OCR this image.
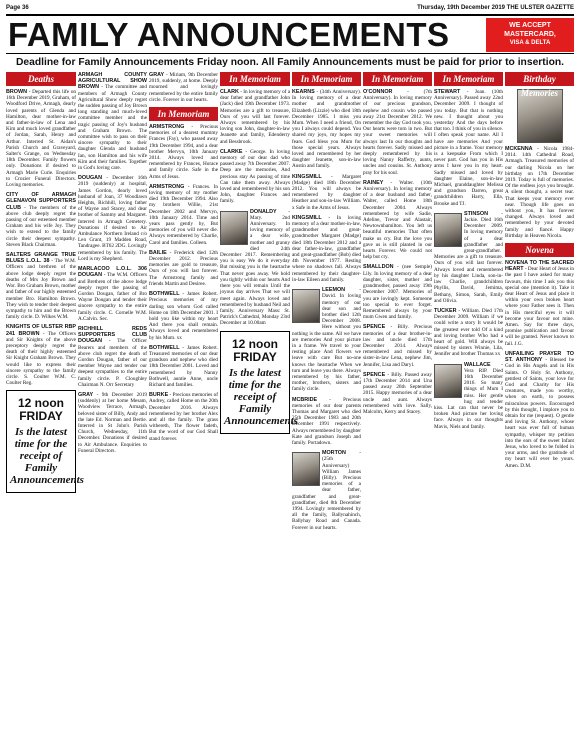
Page 36	Thursday, 19th December 2019 THE ULSTER GAZETTE
FAMILY ANNOUNCEMENTS	WE ACCEPT
MASTERCARD,
VISA & DELTA
Deadline for Family Announcements Friday noon. All Family Announcements must be paid for prior to insertion.
Deaths
BROWN - Departed this life on 16th December 2019, Graham, of Woodford Drive, Armagh, dearly loved parents of Glenda and Hamilton, dear mother-in-law and father-in-law of Lena and Kim and much loved grandfather of Jordan, Sarah, Henry and Arthur. Interred St. Aidan's Parish Church and Graveyard, Salter's Grange, on Wednesday 18th December. Family flowers only. Donations if desired to Armagh Marie Curie. Enquiries to Crozier Funeral Directors. Loving memories.
CITY OF ARMAGH GLENAVON SUPPORTERS CLUB - The members of the above club deeply regret the passing of our esteemed member Graham and his wife Joy. They wish to extend to the family circle their deepest sympathy. Steven Black Chairman.
SALTERS GRANGE TRUE BLUES L.O.L. 38 - The W.M. Officers and brethren of the above lodge deeply regret the deaths of Mrs Joy Brown and Wor. Bro Graham Brown, mother and father of our highly esteemed member Bro. Hamilton Brown. They wish to tender their deepest sympathy to him and the Brown family circle. D. Wilkes W.M.
KNIGHTS OF ULSTER RBP 241 BROWN - The Officers and Sir Knights of the above preceptory deeply regret the death of their highly esteemed Sir Knight Graham Brown. They would like to express their sincere sympathy to the family circle. S. Coulter W.M. C. Coulter Reg.
12 noon
FRIDAY
Is the latest time for the receipt of Family Announcements
ARMAGH COUNTY AGRICULTURAL SHOW BROWN - The committee and members of Armagh County Agricultural Show deeply regret the sudden passing of Joy Brown long standing and much-loved committee member and the tragic passing of Joy's husband and Graham Brown. The committee wish to pass on their sincere sympathy to their daughter Glenda and husband Ian, son Hamilton and his wife Kim and their families. Together in God's loving care.
DOUGAN - December 16th 2019 (suddenly) at hospital, James Gordon, dearly loved husband of Joan, 37 Woodlawn Heights, Richhill, loving father of Wayne and Stacey, and dear brother of Sammy and Margaret. Interred in Armagh Cemetery. Donations if desired to Air Ambulance Northern Ireland c/o Len Grant, 19 Madden Road, Tandragee. BT62 2DG. Lovingly remembered by his family. The Lord is my Shepherd.
MARLACOO L.O.L. 306 DOUGAN - The W.M. Officers and Brethren of the above lodge deeply regret the passing of Gordon Dougan, father of Bro Wayne Dougan and tender their sincere sympathy to the entire family circle. C. Cornelle W.M. A.Calvin. Sec.
RICHHILL REDS SUPPORTERS CLUB DOUGAN - The Officer Bearers and members of the above club regret the death of Gordon Dougan, father of our member Wayne and tender our deepest sympathies to the entire family circle. P. Cloughley Chairman N. Orr Secretary
GRAY - 9th December 2019 (suddenly) at her home Mesam, Woodview Terrace, Armagh, beloved sister of Billy, Andy and the late Ed. Norman and Bertie. Interred in St John's Parish Church, Wednesday, 11th December. Donations if desired to Air Ambulance. Enquiries to Funeral Directors.
GRAY - Miriam, 9th December 2019, suddenly, at home. Deeply mourned and lovingly remembered by the entire family circle. Forever in our hearts.
In Memoriam
ARMSTRONG - Precious memories of a dearest mummy Frances (Fay), who passed away 19th December 1994, and a dear brother Mervyn, 10th January 2014. Always loved and remembered by Frances, Horace and family circle. Safe in the Arms of Jesus.
ARMSTRONG - Frances. In loving memory of my mother died 19th December 1994. Also my brothers Willie, 21st December 2002 and Mervyn, 10th January 2014. Time and years pass gently by, But memories of you will never die. Always remembered by Charlie, Carol and families. Colleen.
BAILIE - Frederick died 12th December 2012. Precious memories are gold to treasure, Ours of you will last forever. The Armstrong family and friends Martin and Desiree.
BOTHWELL - James Robert. Precious memories of my darling son whom God called Home on 18th December 2001. I hold you like within my heart And there you shall remain. Always loved and remembered by his Mum. xx
BOTHWELL - James Robert. Treasured memories of our dear grandson and nephew who died 18th December 2001. Loved and remembered by Nanny Bothwell, auntie Anne, uncle Richard and families.
BURKE - Precious memories of Audrey, called Home on the 20th December 2016. Always remembered by her brother Alex and all the family. The grass withereth, The flower fadeth, But the word of our God Shall stand forever.
In Memoriam
CLARK - In loving memory of a dear father and grandfather John (Jack) died 19th December 1973. Memories are a gift to treasure, Ours of you will last forever. Always remembered by his loving son John, daughter-in-law Jeanette and family, Edenderry and Bessbrook.
CLARKE - George. In loving memory of our dear dad who passed away 7th December 2007. Deep are the memories, And precious stay As passing of time Can take them away. Always loved and remembered by his son John, daughter Frances and family.
DONALDY - Mary. 2nd Anniversary. In loving memory of a dear wife, mother and granny died 24th December 2017. Remembering you is easy We do it everyday But missing you is the heartache That never goes away. We hold you tightly within our hearts And there you will remain Until the joyous day arrives That we will meet again. Always loved and remembered by husband Neil and family. Anniversary Mass: St. Patrick's Cathedral, Monday 23rd December at 10.00am
12 noon
FRIDAY
Is the latest time for the receipt of Family Announcements
In Memoriam
KEARNS - (34th Anniversary). In loving memory of a dear mother and grandmother Elizabeth (Lizzie) who died 18th December 1985. I miss you Mum. When I need a friend, On you I always could depend. You shared my joys, my hopes my fears. God bless you Mum for those special years. Always loved and remembered by her daughter Jeanette, son-in-law Austin and family.
KINGSMILL - Margaret (Madge) died 18th December 2012. You will always be remembered by daughter Heather and son-in-law William. x Safe in the Arms of Jesus.
KINGSMILL - In loving memory of a dear mother-in-law, grandmother and great-grandmother Margaret (Madge) died 18th December 2012 and a dear father-in-law, grandfather and great-grandfather (Bob) died 4th November 1977. Resting where no shadows fall. Always remembered by their daughter-in-law Eileen and family.
LEEMON	- David. In loving memory of our dear son and brother died 12th December 2008. Here without you nothing is the same. All we have are memories And your picture in a frame. We travel to your resting place And flowers we leave with care But no-one knows the heartache When we turn and leave you there. Always remembered by his father, mother, brothers, sisters and family circle.
MCBRIDE - Precious memories of our dear parents Thomas and Margaret who died 25th December 1983 and 20th December 1991 respectively. Always remembered by daughter Kate and grandson Joseph and family. Portadown.
MORTON	- (25th Anniversary) William James (Billy). Precious memories of a dear father, grandfather and great-grandfather, died 8th December 1994. Lovingly remembered by all the family, Ballynahinch, Ballyhay Road and Canada. Forever in our hearts.
In Memoriam
O'CONNOR	- (7th Anniversary). In loving memory of our precious grandson, nephew and cousin who passed away 21st December 2012. We remember the day God took you. Our hearts were torn in two. But your sweet memories will always last In our thoughts and hearts forever. Sadly missed and deeply remembered by his loving Nanny Rafferty, aunts, uncles and cousins. St. Anthony pray for his soul.
RAINEY - Walter. (10th Anniversary). In loving memory of a dear husband and father, Walter, called Home 18th December 2004. Always remembered by wife Sadie, Adeline, Trevor and Alastair, Newtownhamilton. You left us beautiful memories That often make us cry. But the love you gave us is still planted in our hearts Forever. We could not help but cry.
SMALLDON - (nee Semple) Lily. In loving memory of a dear daughter, sister, mother and grandmother, passed away 19th December 2007. Memories of you are lovingly kept. Someone too special to ever forget. Remembered always by your mum Gwen and family.
SPENCE - Billy. Precious memories of a dear brother-in-law and uncle died 17th December 2014. Always remembered and missed by sister-in-law Lena, nephew Jim, Jennifer, Lisa and Daryl.
SPENCE - Billy. Passed away 17th December 2014 and Una passed away 26th September 2015. Happy memories of a dear uncle and aunt. Always remembered with love. Sally, Malcolm, Kerry and Stacey.
In Memoriam
STEWART - Joan. (10th Anniversary). Passed away 22nd December 2009. I thought of you today. But that is nothing new. I thought about you yesterday And the days before that too. I think of you in silence. I often speak your name. All I have are memories And your picture in a frame. Your memory is a keepsake From which I never part. God has you in His arms I have you in my heart. Sadly missed and loved by daughter Elaine, son-in-law Michael, granddaughter Melissa and grandson Darren, great grandchildren Harry, Ella, Brooke and TJ.
STINSON	- Jackie. Died 16th December 2009. In loving memory of a dear grandfather and great-grandfather. Memories are a gift to treasure. Ours of you will last forever. Always loved and remembered by his daughter Linda, son-in-law Charlie, grandchildren Phyllis, David, Jemima, Bethany, Simon, Sarah, Emily and Olivia.
TUCKER - William. Died 17th December 2009. William if we could write a story It would be the greatest ever told Of a kind and loving brother Who had a heart of gold. Will always be missed by sisters Winnie, Lila, Jennifer and brother Thomas xx
WALLACE - Vera RIP. Died 16th December 2016. So many things of Mum I miss. Her gentle hug and tender kiss. Lat can that never be broken And picture her loving face. Always in our thoughts Mavis, Niels and family.
Birthday Memories
MCKENNA - Nicola 1984-2014. 14th Cathedral Road, Armagh. Treasured memories of our darling Nicola on her birthday on 17th December 2019. Today is full of memories. Of the endless joys you brought. A silent thought, a secret tear. That keeps your memory ever near. Though life goes on without you, It has forever changed. Always loved and remembered by your devoted family and fiancé. Happy Birthday in Heaven Nicola.
Novena
NOVENA TO THE SACRED HEART - Dear Heart of Jesus in the past I have asked for many favours, this time I ask you this special one (mention it). Take it dear Heart of Jesus and place it within your own broken heart where your Father sees it. Then in His merciful eyes it will become your favour not mine. Amen. Say for three days, promise publication and favour will be granted. Never known to fail. J.G.
UNFAILING PRAYER TO ST. ANTHONY - Blessed be God in His Angels and in His Saints. O Holy St. Anthony, gentlest of Saints, your love for God and Charity for His creatures, made you worthy, when on earth, to possess miraculous powers. Encouraged by this thought, I implore you to obtain for me (request). O gentle and loving St. Anthony, whose heart was ever full of human sympathy, whisper my petition into the ears of the sweet Infant Jesus, who loved to be folded in your arms, and the gratitude of my heart will ever be yours. Amen. D.M.
